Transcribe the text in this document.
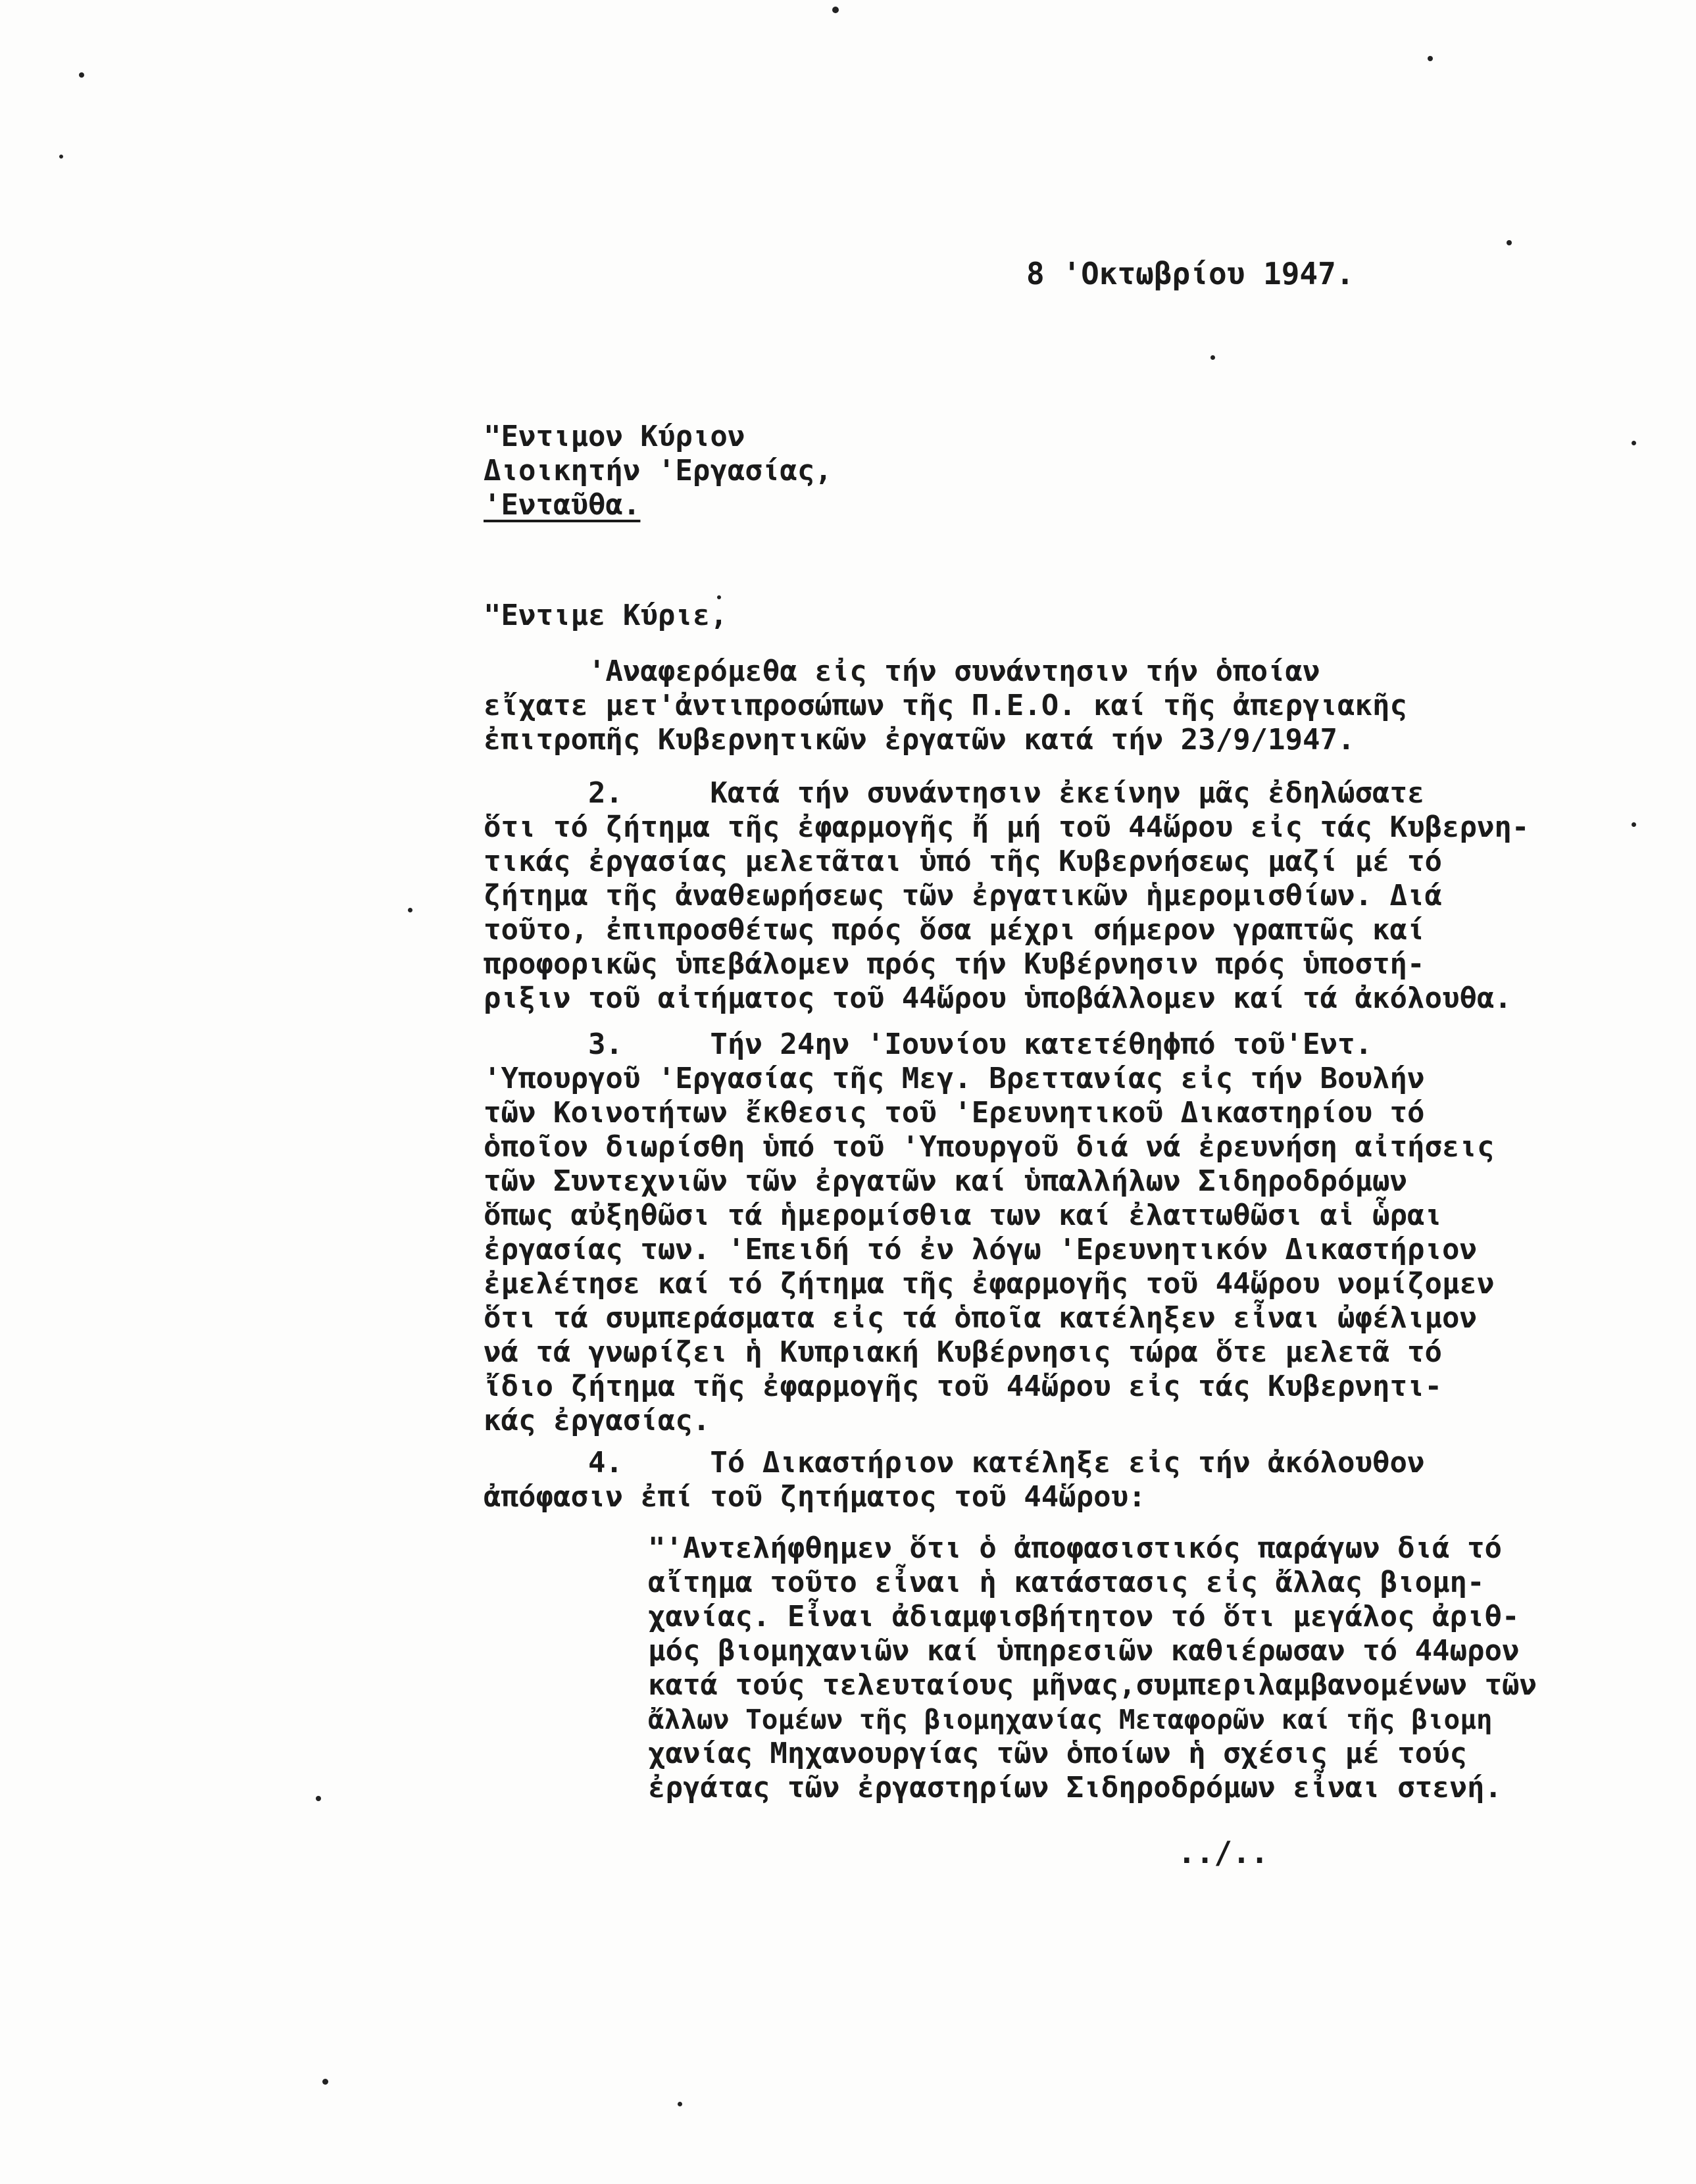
8 'Οκτωβρίου 1947.
"Εντιμον Κύριον
Διοικητήν 'Εργασίας,
'Ενταῦθα.
"Εντιμε Κύριε,
'Αναφερόμεθα εἰς τήν συνάντησιν τήν ὁποίαν
εἴχατε μετ'ἀντιπροσώπων τῆς Π.Ε.Ο. καί τῆς ἀπεργιακῆς
ἐπιτροπῆς Κυβερνητικῶν ἐργατῶν κατά τήν 23/9/1947.
2.     Κατά τήν συνάντησιν ἐκείνην μᾶς ἐδηλώσατε
ὅτι τό ζήτημα τῆς ἐφαρμογῆς ἤ μή τοῦ 44ὥρου εἰς τάς Κυβερνη-
τικάς ἐργασίας μελετᾶται ὑπό τῆς Κυβερνήσεως μαζί μέ τό
ζήτημα τῆς ἀναθεωρήσεως τῶν ἐργατικῶν ἡμερομισθίων. Διά
τοῦτο, ἐπιπροσθέτως πρός ὅσα μέχρι σήμερον γραπτῶς καί
προφορικῶς ὑπεβάλομεν πρός τήν Κυβέρνησιν πρός ὑποστή-
ριξιν τοῦ αἰτήματος τοῦ 44ὥρου ὑποβάλλομεν καί τά ἀκόλουθα.
3.     Τήν 24ην 'Ιουνίου κατετέθηϕπό τοῦ'Εντ.
'Υπουργοῦ 'Εργασίας τῆς Μεγ. Βρεττανίας εἰς τήν Βουλήν
τῶν Κοινοτήτων ἔκθεσις τοῦ 'Ερευνητικοῦ Δικαστηρίου τό
ὁποῖον διωρίσθη ὑπό τοῦ 'Υπουργοῦ διά νά ἐρευνήση αἰτήσεις
τῶν Συντεχνιῶν τῶν ἐργατῶν καί ὑπαλλήλων Σιδηροδρόμων
ὅπως αὐξηθῶσι τά ἡμερομίσθια των καί ἐλαττωθῶσι αἱ ὧραι
ἐργασίας των. 'Επειδή τό ἐν λόγω 'Ερευνητικόν Δικαστήριον
ἐμελέτησε καί τό ζήτημα τῆς ἐφαρμογῆς τοῦ 44ὥρου νομίζομεν
ὅτι τά συμπεράσματα εἰς τά ὁποῖα κατέληξεν εἶναι ὠφέλιμον
νά τά γνωρίζει ἡ Κυπριακή Κυβέρνησις τώρα ὅτε μελετᾶ τό
ἴδιο ζήτημα τῆς ἐφαρμογῆς τοῦ 44ὥρου εἰς τάς Κυβερνητι-
κάς ἐργασίας.
4.     Τό Δικαστήριον κατέληξε εἰς τήν ἀκόλουθον
ἀπόφασιν ἐπί τοῦ ζητήματος τοῦ 44ὥρου:
"'Αντελήφθημεν ὅτι ὁ ἀποφασιστικός παράγων διά τό
αἴτημα τοῦτο εἶναι ἡ κατάστασις εἰς ἄλλας βιομη-
χανίας. Εἶναι ἀδιαμφισβήτητον τό ὅτι μεγάλος ἀριθ-
μός βιομηχανιῶν καί ὑπηρεσιῶν καθιέρωσαν τό 44ωρον
κατά τούς τελευταίους μῆνας,συμπεριλαμβανομένων τῶν
ἄλλων Τομέων τῆς βιομηχανίας Μεταφορῶν καί τῆς βιομη
χανίας Μηχανουργίας τῶν ὁποίων ἡ σχέσις μέ τούς
ἐργάτας τῶν ἐργαστηρίων Σιδηροδρόμων εἶναι στενή.
../..
